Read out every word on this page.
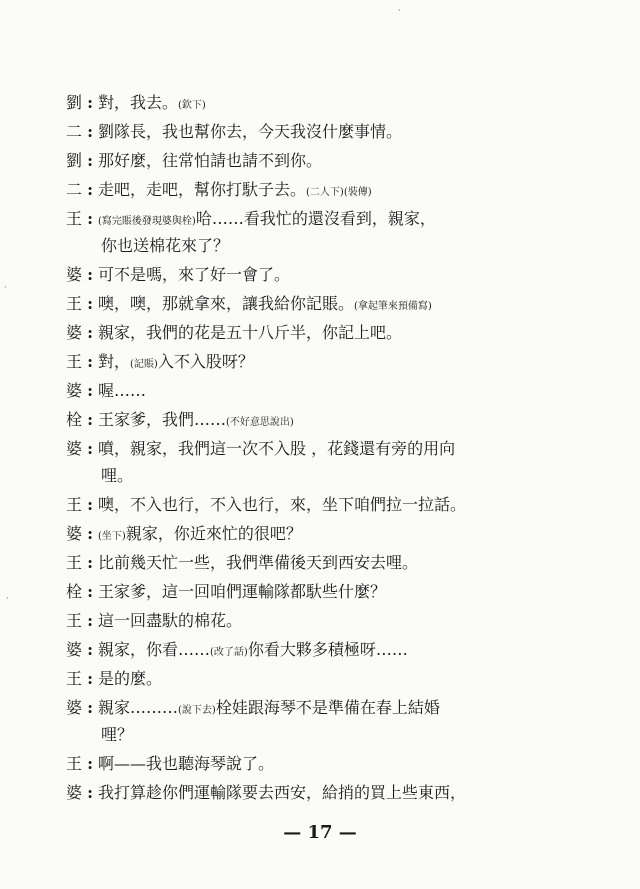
劉 : 對，我去。(欽下)
二 : 劉隊長，我也幫你去，今天我沒什麼事情。
劉 : 那好麼，往常怕請也請不到你。
二 : 走吧，走吧，幫你打馱子去。(二人下)(裝傳)
王 : (寫完賬後發現婆與栓)哈……看我忙的還沒看到，親家，
你也送棉花來了？
婆 : 可不是嗎，來了好一會了。
王 : 噢，噢，那就拿來，讓我給你記賬。(拿起筆來預備寫)
婆 : 親家，我們的花是五十八斤半，你記上吧。
王 : 對，(記賬)入不入股呀？
婆 : 喔……
栓 : 王家爹，我們……(不好意思說出)
婆 : 噴，親家，我們這一次不入股 ，花錢還有旁的用向
哩。
王 : 噢，不入也行，不入也行，來，坐下咱們拉一拉話。
婆 : (坐下)親家，你近來忙的很吧？
王 : 比前幾天忙一些，我們準備後天到西安去哩。
栓 : 王家爹，這一回咱們運輸隊都馱些什麼？
王 : 這一回盡馱的棉花。
婆 : 親家，你看……(改了話)你看大夥多積極呀……
王 : 是的麼。
婆 : 親家………(說下去)栓娃跟海琴不是準備在春上結婚
哩？
王 : 啊——我也聽海琴說了。
婆 : 我打算趁你們運輸隊要去西安，給捎的買上些東西，
— 17 —
·
·
·
